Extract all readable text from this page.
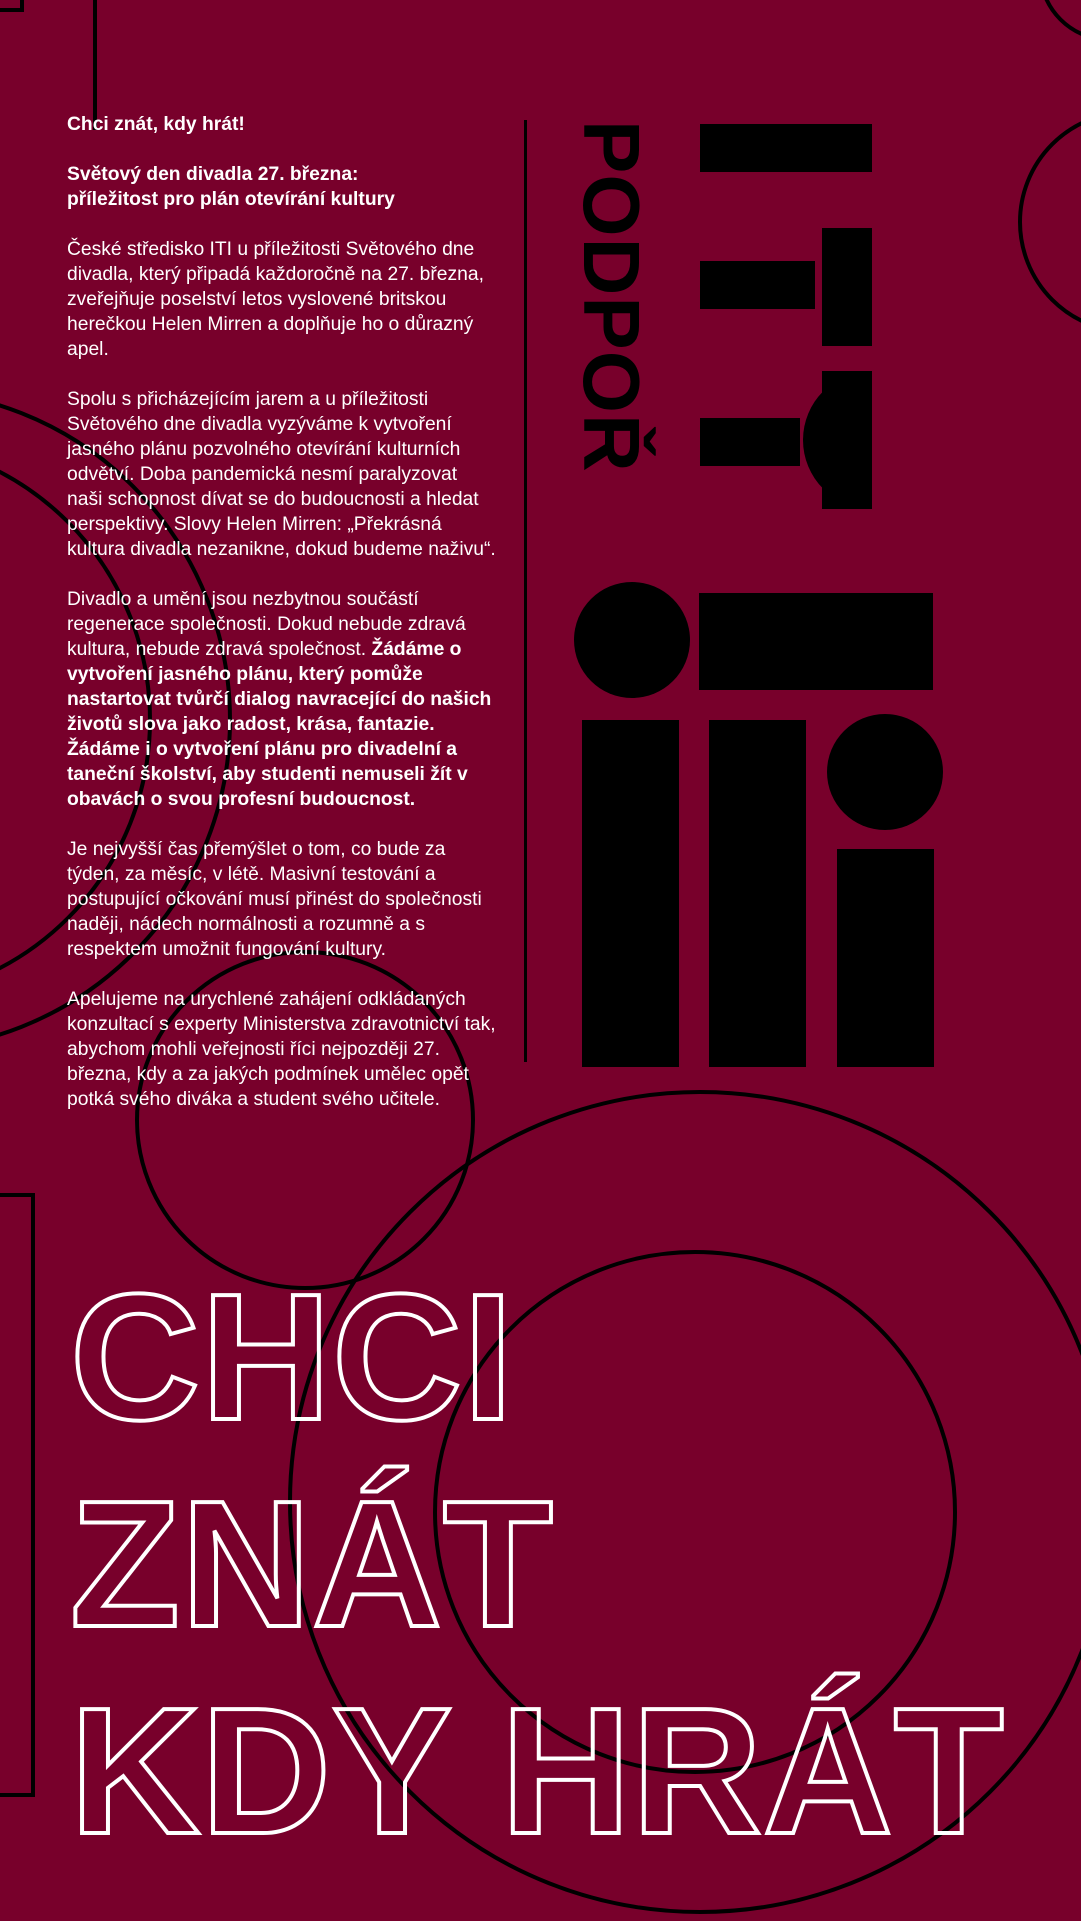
Chci znát, kdy hrát!

Světový den divadla 27. března:
příležitost pro plán otevírání kultury

České středisko ITI u příležitosti Světového dne divadla, který připadá každoročně na 27. března, zveřejňuje poselství letos vyslovené britskou herečkou Helen Mirren a doplňuje ho o důrazný apel.

Spolu s přicházejícím jarem a u příležitosti Světového dne divadla vyzýváme k vytvoření jasného plánu pozvolného otevírání kulturních odvětví. Doba pandemická nesmí paralyzovat naši schopnost dívat se do budoucnosti a hledat perspektivy. Slovy Helen Mirren: „Překrásná kultura divadla nezanikne, dokud budeme naživu“.

Divadlo a umění jsou nezbytnou součástí regenerace společnosti. Dokud nebude zdravá kultura, nebude zdravá společnost. Žádáme o vytvoření jasného plánu, který pomůže nastartovat tvůrčí dialog navracející do našich životů slova jako radost, krása, fantazie. Žádáme i o vytvoření plánu pro divadelní a taneční školství, aby studenti nemuseli žít v obavách o svou profesní budoucnost.

Je nejvyšší čas přemýšlet o tom, co bude za týden, za měsíc, v létě. Masivní testování a postupující očkování musí přinést do společnosti naději, nádech normálnosti a rozumně a s respektem umožnit fungování kultury.

Apelujeme na urychlené zahájení odkládaných konzultací s experty Ministerstva zdravotnictví tak, abychom mohli veřejnosti říci nejpozději 27. března, kdy a za jakých podmínek umělec opět potká svého diváka a student svého učitele.

PODPOŘ
CHCI
ZNÁT
KDY HRÁT
